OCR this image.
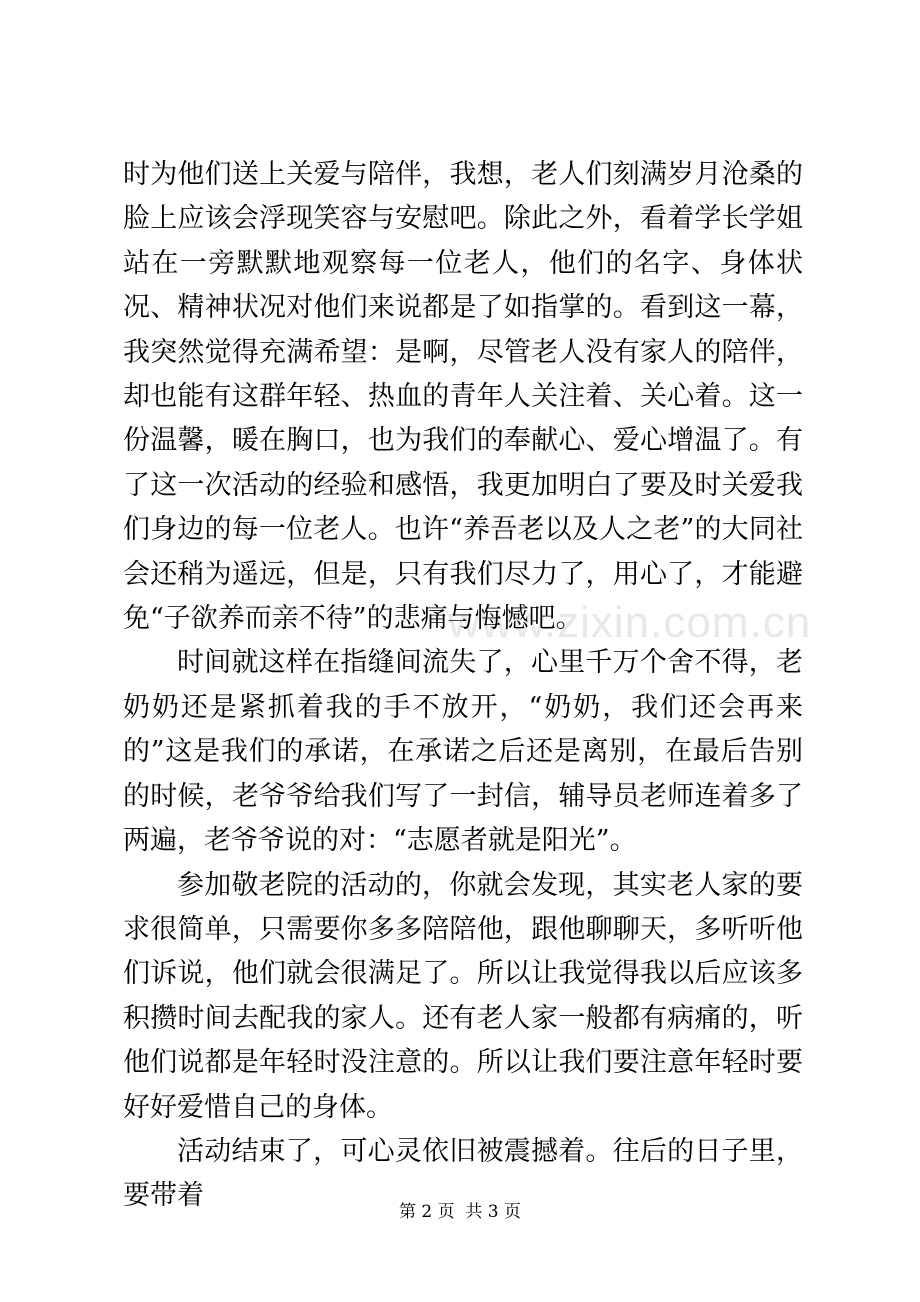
www.zixin.com.cn

时为他们送上关爱与陪伴，我想，老人们刻满岁月沧桑的脸上应该会浮现笑容与安慰吧。除此之外，看着学长学姐站在一旁默默地观察每一位老人，他们的名字、身体状况、精神状况对他们来说都是了如指掌的。看到这一幕，我突然觉得充满希望：是啊，尽管老人没有家人的陪伴，却也能有这群年轻、热血的青年人关注着、关心着。这一份温馨，暖在胸口，也为我们的奉献心、爱心增温了。有了这一次活动的经验和感悟，我更加明白了要及时关爱我们身边的每一位老人。也许“养吾老以及人之老”的大同社会还稍为遥远，但是，只有我们尽力了，用心了，才能避免“子欲养而亲不待”的悲痛与悔憾吧。

时间就这样在指缝间流失了，心里千万个舍不得，老奶奶还是紧抓着我的手不放开，“奶奶，我们还会再来的”这是我们的承诺，在承诺之后还是离别，在最后告别的时候，老爷爷给我们写了一封信，辅导员老师连着多了两遍，老爷爷说的对：“志愿者就是阳光”。

参加敬老院的活动的，你就会发现，其实老人家的要求很简单，只需要你多多陪陪他，跟他聊聊天，多听听他们诉说，他们就会很满足了。所以让我觉得我以后应该多积攒时间去配我的家人。还有老人家一般都有病痛的，听他们说都是年轻时没注意的。所以让我们要注意年轻时要好好爱惜自己的身体。

活动结束了，可心灵依旧被震撼着。往后的日子里，要带着

第 2 页  共 3 页
